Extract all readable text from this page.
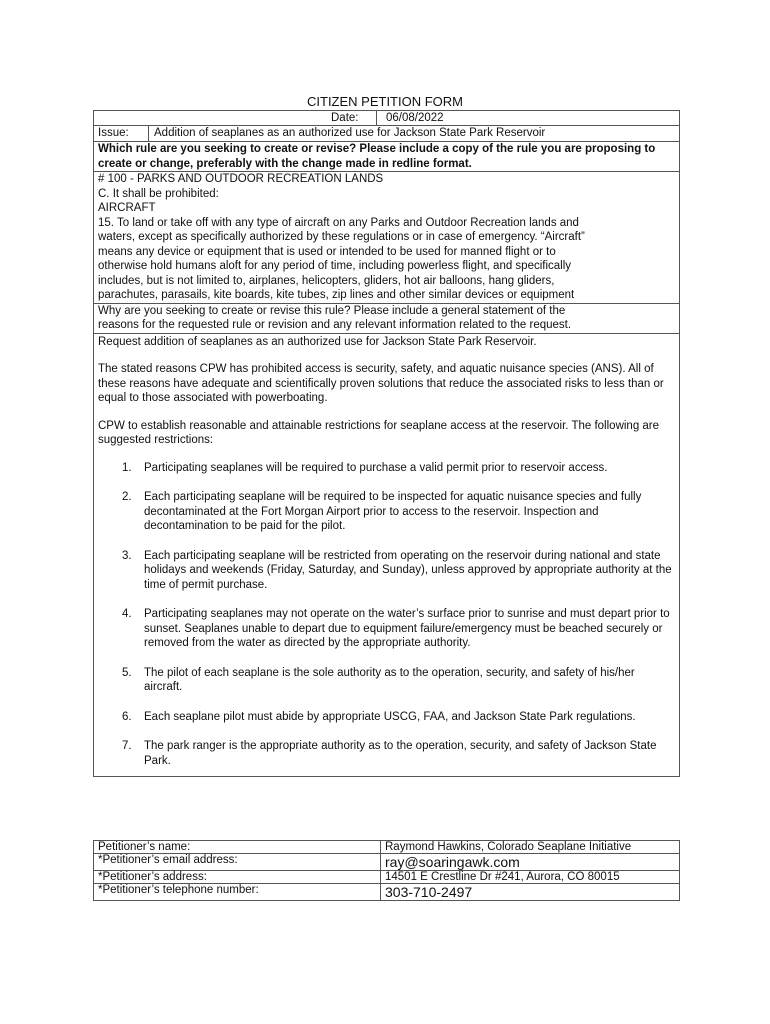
CITIZEN PETITION FORM
Date: 06/08/2022
Issue: Addition of seaplanes as an authorized use for Jackson State Park Reservoir
Which rule are you seeking to create or revise? Please include a copy of the rule you are proposing to create or change, preferably with the change made in redline format.
# 100 - PARKS AND OUTDOOR RECREATION LANDS
C. It shall be prohibited:
AIRCRAFT
15. To land or take off with any type of aircraft on any Parks and Outdoor Recreation lands and waters, except as specifically authorized by these regulations or in case of emergency. “Aircraft” means any device or equipment that is used or intended to be used for manned flight or to otherwise hold humans aloft for any period of time, including powerless flight, and specifically includes, but is not limited to, airplanes, helicopters, gliders, hot air balloons, hang gliders, parachutes, parasails, kite boards, kite tubes, zip lines and other similar devices or equipment
Why are you seeking to create or revise this rule? Please include a general statement of the reasons for the requested rule or revision and any relevant information related to the request.

Request addition of seaplanes as an authorized use for Jackson State Park Reservoir.

The stated reasons CPW has prohibited access is security, safety, and aquatic nuisance species (ANS). All of these reasons have adequate and scientifically proven solutions that reduce the associated risks to less than or equal to those associated with powerboating.

CPW to establish reasonable and attainable restrictions for seaplane access at the reservoir. The following are suggested restrictions:

1. Participating seaplanes will be required to purchase a valid permit prior to reservoir access.
2. Each participating seaplane will be required to be inspected for aquatic nuisance species and fully decontaminated at the Fort Morgan Airport prior to access to the reservoir. Inspection and decontamination to be paid for the pilot.
3. Each participating seaplane will be restricted from operating on the reservoir during national and state holidays and weekends (Friday, Saturday, and Sunday), unless approved by appropriate authority at the time of permit purchase.
4. Participating seaplanes may not operate on the water’s surface prior to sunrise and must depart prior to sunset. Seaplanes unable to depart due to equipment failure/emergency must be beached securely or removed from the water as directed by the appropriate authority.
5. The pilot of each seaplane is the sole authority as to the operation, security, and safety of his/her aircraft.
6. Each seaplane pilot must abide by appropriate USCG, FAA, and Jackson State Park regulations.
7. The park ranger is the appropriate authority as to the operation, security, and safety of Jackson State Park.
Petitioner’s name:	Raymond Hawkins, Colorado Seaplane Initiative
*Petitioner’s email address:	ray@soaringawk.com
*Petitioner’s address:	14501 E Crestline Dr #241, Aurora, CO 80015
*Petitioner’s telephone number:	303-710-2497
